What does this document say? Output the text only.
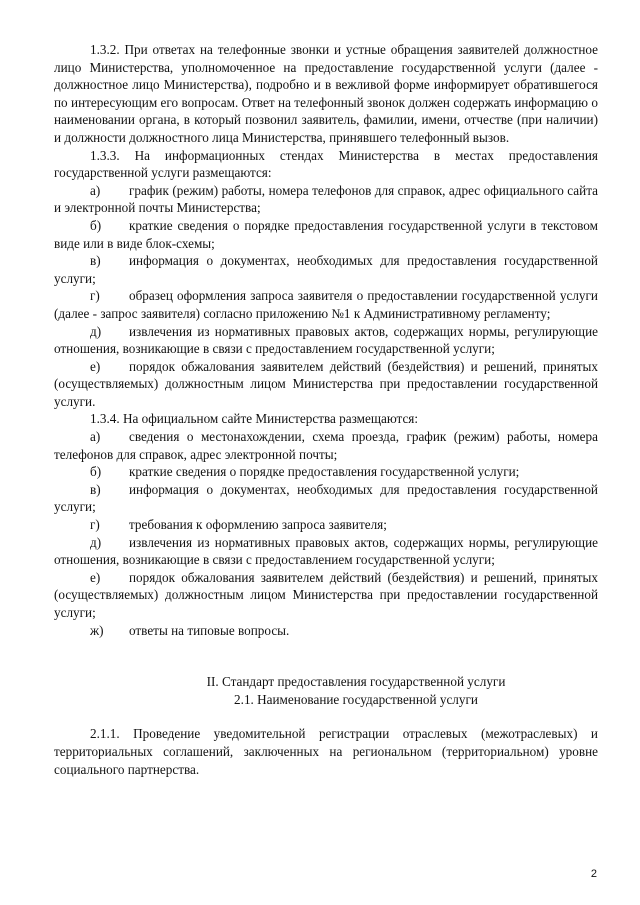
1.3.2. При ответах на телефонные звонки и устные обращения заявителей должностное лицо Министерства, уполномоченное на предоставление государственной услуги (далее - должностное лицо Министерства), подробно и в вежливой форме информирует обратившегося по интересующим его вопросам. Ответ на телефонный звонок должен содержать информацию о наименовании органа, в который позвонил заявитель, фамилии, имени, отчестве (при наличии) и должности должностного лица Министерства, принявшего телефонный вызов.

1.3.3. На информационных стендах Министерства в местах предоставления государственной услуги размещаются:

а)	график (режим) работы, номера телефонов для справок, адрес официального сайта и электронной почты Министерства;

б)	краткие сведения о порядке предоставления государственной услуги в текстовом виде или в виде блок-схемы;

в)	информация о документах, необходимых для предоставления государственной услуги;

г)	образец оформления запроса заявителя о предоставлении государственной услуги (далее - запрос заявителя) согласно приложению №1 к Административному регламенту;

д)	извлечения из нормативных правовых актов, содержащих нормы, регулирующие отношения, возникающие в связи с предоставлением государственной услуги;

е)	порядок обжалования заявителем действий (бездействия) и решений, принятых (осуществляемых) должностным лицом Министерства при предоставлении государственной услуги.

1.3.4. На официальном сайте Министерства размещаются:

а)	сведения о местонахождении, схема проезда, график (режим) работы, номера телефонов для справок, адрес электронной почты;

б)	краткие сведения о порядке предоставления государственной услуги;

в)	информация о документах, необходимых для предоставления государственной услуги;

г)	требования к оформлению запроса заявителя;

д)	извлечения из нормативных правовых актов, содержащих нормы, регулирующие отношения, возникающие в связи с предоставлением государственной услуги;

е)	порядок обжалования заявителем действий (бездействия) и решений, принятых (осуществляемых) должностным лицом Министерства при предоставлении государственной услуги;

ж)	ответы на типовые вопросы.

II. Стандарт предоставления государственной услуги

2.1. Наименование государственной услуги

2.1.1. Проведение уведомительной регистрации отраслевых (межотраслевых) и территориальных соглашений, заключенных на региональном (территориальном) уровне социального партнерства.

2
